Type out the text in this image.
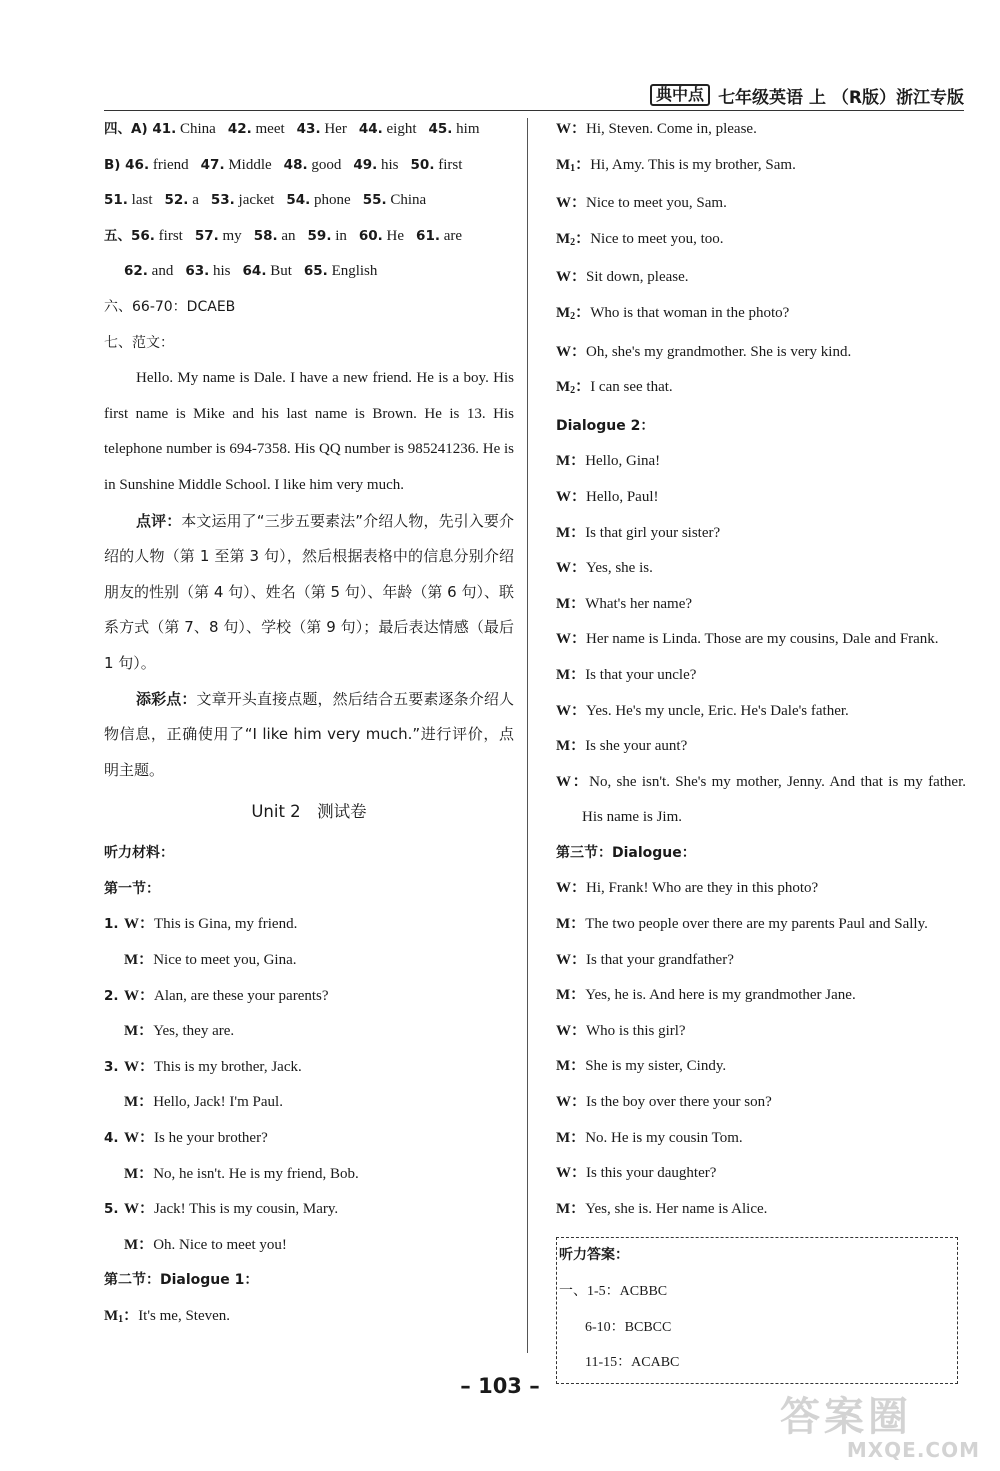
典中点 七年级英语 上 （R版）浙江专版
四、A) 41. China 42. meet 43. Her 44. eight 45. him
B) 46. friend 47. Middle 48. good 49. his 50. first
51. last 52. a 53. jacket 54. phone 55. China
五、56. first 57. my 58. an 59. in 60. He 61. are
62. and 63. his 64. But 65. English
六、66-70：DCAEB
七、范文：
Hello. My name is Dale. I have a new friend. He is a boy. His first name is Mike and his last name is Brown. He is 13. His telephone number is 694-7358. His QQ number is 985241236. He is in Sunshine Middle School. I like him very much.
点评：本文运用了“三步五要素法”介绍人物，先引入要介绍的人物（第 1 至第 3 句），然后根据表格中的信息分别介绍朋友的性别（第 4 句）、姓名（第 5 句）、年龄（第 6 句）、联系方式（第 7、8 句）、学校（第 9 句）；最后表达情感（最后 1 句）。
添彩点：文章开头直接点题，然后结合五要素逐条介绍人物信息，正确使用了“I like him very much.”进行评价，点明主题。
Unit 2　测试卷
听力材料：
第一节：
1. W：This is Gina, my friend.
M：Nice to meet you, Gina.
2. W：Alan, are these your parents?
M：Yes, they are.
3. W：This is my brother, Jack.
M：Hello, Jack! I'm Paul.
4. W：Is he your brother?
M：No, he isn't. He is my friend, Bob.
5. W：Jack! This is my cousin, Mary.
M：Oh. Nice to meet you!
第二节：Dialogue 1：
$M_1$：It's me, Steven.
W：Hi, Steven. Come in, please.
$M_1$：Hi, Amy. This is my brother, Sam.
W：Nice to meet you, Sam.
$M_2$：Nice to meet you, too.
W：Sit down, please.
$M_2$：Who is that woman in the photo?
W：Oh, she's my grandmother. She is very kind.
$M_2$：I can see that.
Dialogue 2：
M：Hello, Gina!
W：Hello, Paul!
M：Is that girl your sister?
W：Yes, she is.
M：What's her name?
W：Her name is Linda. Those are my cousins, Dale and Frank.
M：Is that your uncle?
W：Yes. He's my uncle, Eric. He's Dale's father.
M：Is she your aunt?
W：No, she isn't. She's my mother, Jenny. And that is my father. His name is Jim.
第三节：Dialogue：
W：Hi, Frank! Who are they in this photo?
M：The two people over there are my parents Paul and Sally.
W：Is that your grandfather?
M：Yes, he is. And here is my grandmother Jane.
W：Who is this girl?
M：She is my sister, Cindy.
W：Is the boy over there your son?
M：No. He is my cousin Tom.
W：Is this your daughter?
M：Yes, she is. Her name is Alice.
听力答案：
一、1-5：ACBBC
6-10：BCBCC
11-15：ACABC
– 103 –
答案圈
MXQE.COM
